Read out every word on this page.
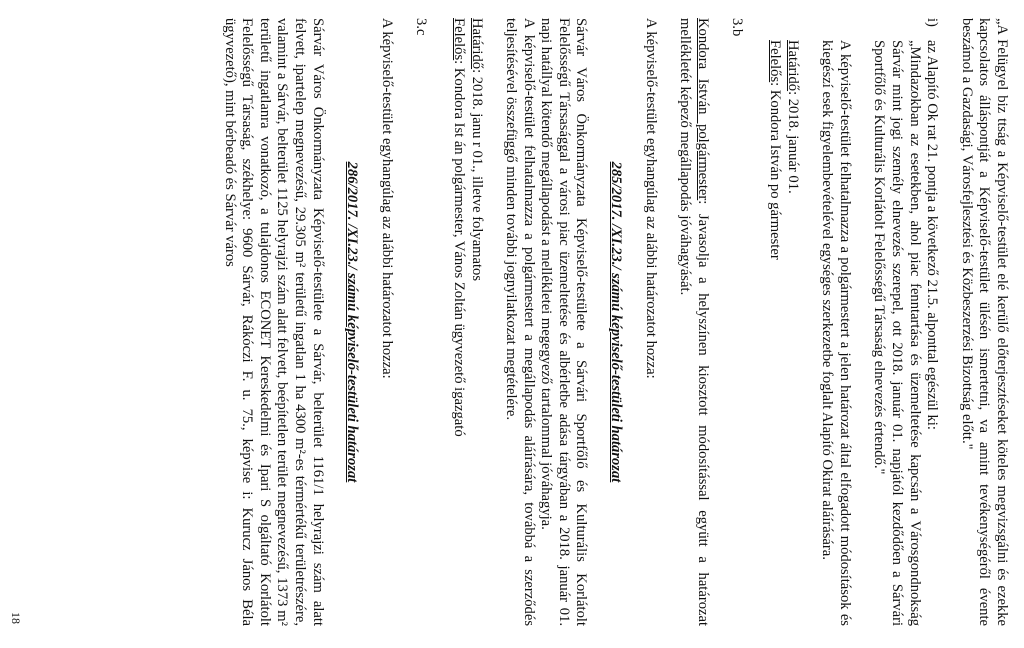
„A Felügyel biz ttság a Képviselő-testület elé kerülő előterjesztéseket köteles megvizsgálni és ezekke kapcsolatos álláspontját a Képviselő-testület ülésén ismertetni, va amint tevékenységéről évente beszámol a Gazdasági, Városfejlesztési és Közbeszerzési Bizottság előtt."

i)

az Alapító Ok rat 21. pontja a következő 21.5. alponttal egészül ki:

„Mindazokban az esetekben, ahol piac fenntartása és üzemeltetése kapcsán a Városgondnokság Sárvár mint jogi személy elnevezés szerepel, ott 2018. január 01. napjától kezdődően a Sárvári Sportfőlő és Kulturális Korlátolt Felelősségű Társaság elnevezés értendő."

A képviselő-testület felhatalmazza a polgármestert a jelen határozat által elfogadott módosítások és kiegészí esek figyelembevételével egységes szerkezetbe foglalt Alapító Okirat aláírására.

Határidő: 2018. január 01.

Felelős: Kondora István po gármester

3.b

Kondora István polgármester: Javasolja a helyszínen kiosztott módosítással együtt a határozat mellékletét képező megállapodás jóváhagyását.

A képviselő-testület egyhangúlag az alábbi határozatot hozza:

285/2017. /XI.23./ számú képviselő-testületi határozat

Sárvár Város Önkormányzata Képviselő-testülete a Sárvári Sportfőlő és Kulturális Korlátolt Felelősségű Társasággal a városi piac üzemeltetése és albérletbe adása tárgyában a 2018. január 01. napi hatállyal kötendő megállapodást a mellékletei megegyező tartalommal jóváhagyja.

A képviselő-testület felhatalmazza a polgármestert a megállapodás aláírására, továbbá a szerződés teljesítésével összefüggő minden további jognyilatkozat megtételére.

Határidő: 2018. janu r 01., illetve folyamatos

Felelős: Kondora Ist án polgármester, Vános Zoltán ügyvezető igazgató

3.c

A képviselő-testület egyhangúlag az alábbi határozatot hozza:

286/2017. /XI.23./ számú képviselő-testületi határozat

Sárvár Város Önkormányzata Képviselő-testülete a Sárvár, belterület 1161/1 helyrajzi szám alatt felvett, ipartelep megnevezésű, 29.305 m² területű ingatlan 1 ha 4300 m²-es térmértékű területrészére, valamint a Sárvár, belterület 1125 helyrajzi szám alatt felvett, beépítetlen terület megnevezésű, 1373 m² területű ingatlanra vonatkozó, a tulajdonos ECONET Kereskedelmi és Ipari S olgáltató Korlátolt Felelősségű Társaság, székhelye: 9600 Sárvár, Rákóczi F. u. 75., képvise i: Kurucz János Béla ügyvezető), mint bérbeadó és Sárvár város

18
